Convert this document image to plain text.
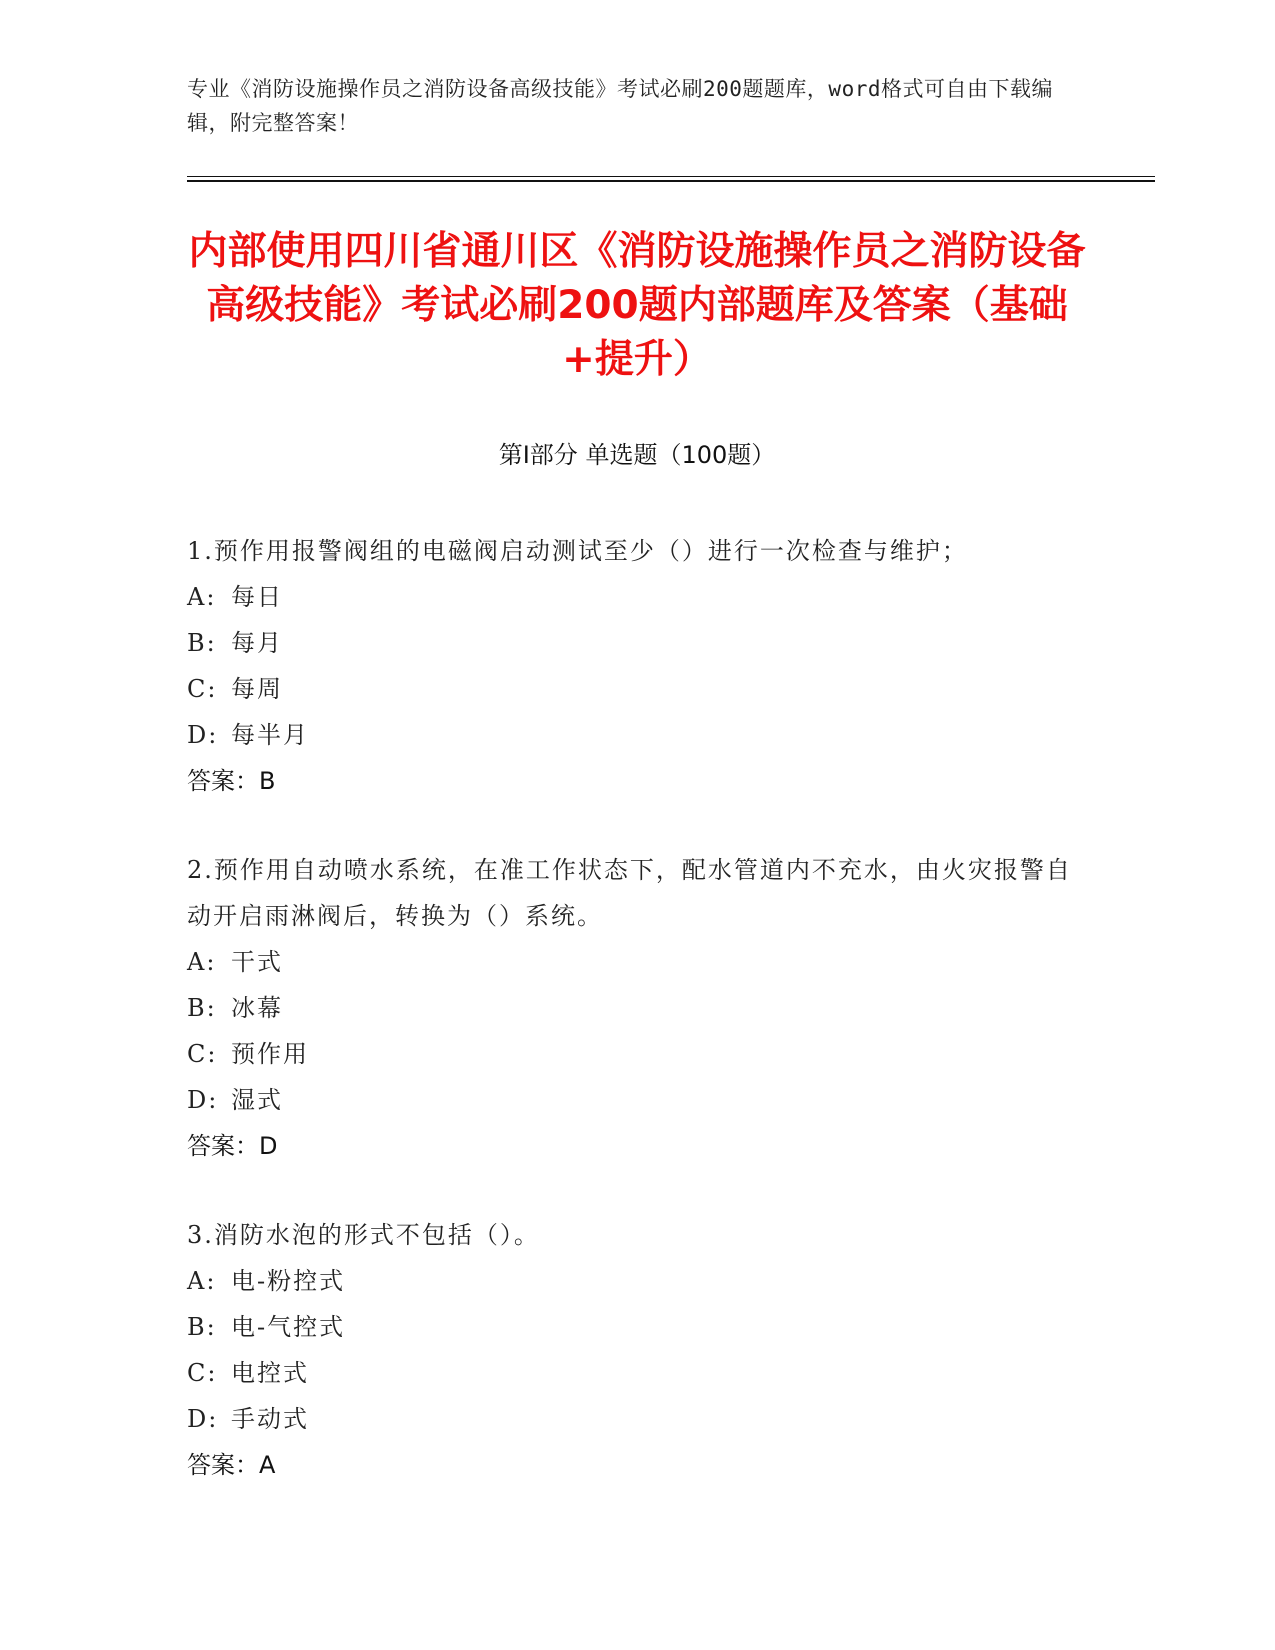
专业《消防设施操作员之消防设备高级技能》考试必刷200题题库，word格式可自由下载编辑，附完整答案！
内部使用四川省通川区《消防设施操作员之消防设备高级技能》考试必刷200题内部题库及答案（基础+提升）
第Ⅰ部分 单选题（100题）
1.预作用报警阀组的电磁阀启动测试至少（）进行一次检查与维护；
A: 每日
B: 每月
C: 每周
D: 每半月
答案：B
2.预作用自动喷水系统，在准工作状态下，配水管道内不充水，由火灾报警自动开启雨淋阀后，转换为（）系统。
A: 干式
B: 冰幕
C: 预作用
D: 湿式
答案：D
3.消防水泡的形式不包括（）。
A: 电-粉控式
B: 电-气控式
C: 电控式
D: 手动式
答案：A
